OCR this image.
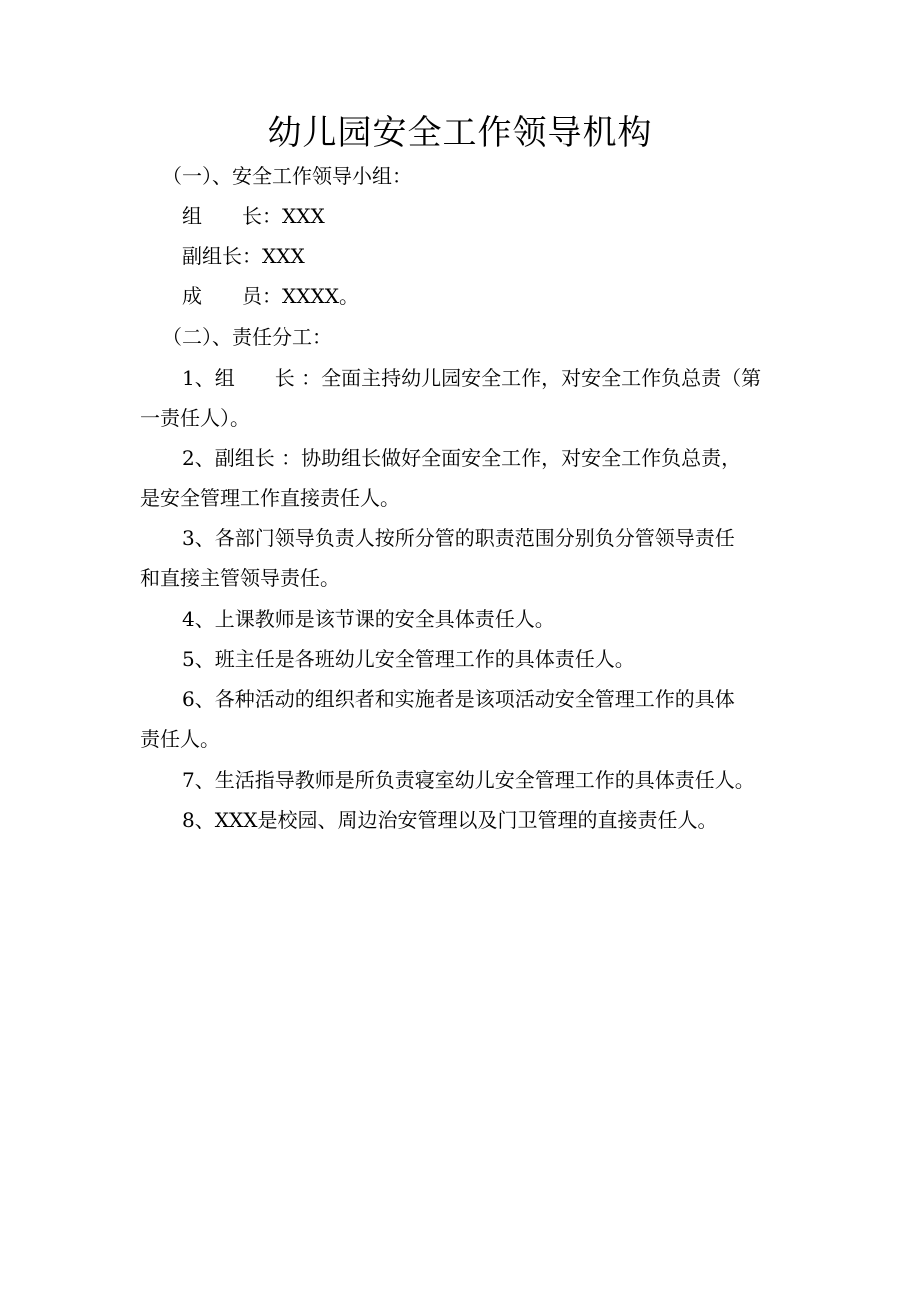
幼儿园安全工作领导机构

（一）、安全工作领导小组：

组　　长：XXX

副组长：XXX

成　　员：XXXX。

（二）、责任分工：

1、组　　长 ：全面主持幼儿园安全工作，对安全工作负总责（第

一责任人）。

2、副组长 ：协助组长做好全面安全工作，对安全工作负总责，

是安全管理工作直接责任人。

3、各部门领导负责人按所分管的职责范围分别负分管领导责任

和直接主管领导责任。

4、上课教师是该节课的安全具体责任人。

5、班主任是各班幼儿安全管理工作的具体责任人。

6、各种活动的组织者和实施者是该项活动安全管理工作的具体

责任人。

7、生活指导教师是所负责寝室幼儿安全管理工作的具体责任人。

8、XXX是校园、周边治安管理以及门卫管理的直接责任人。
